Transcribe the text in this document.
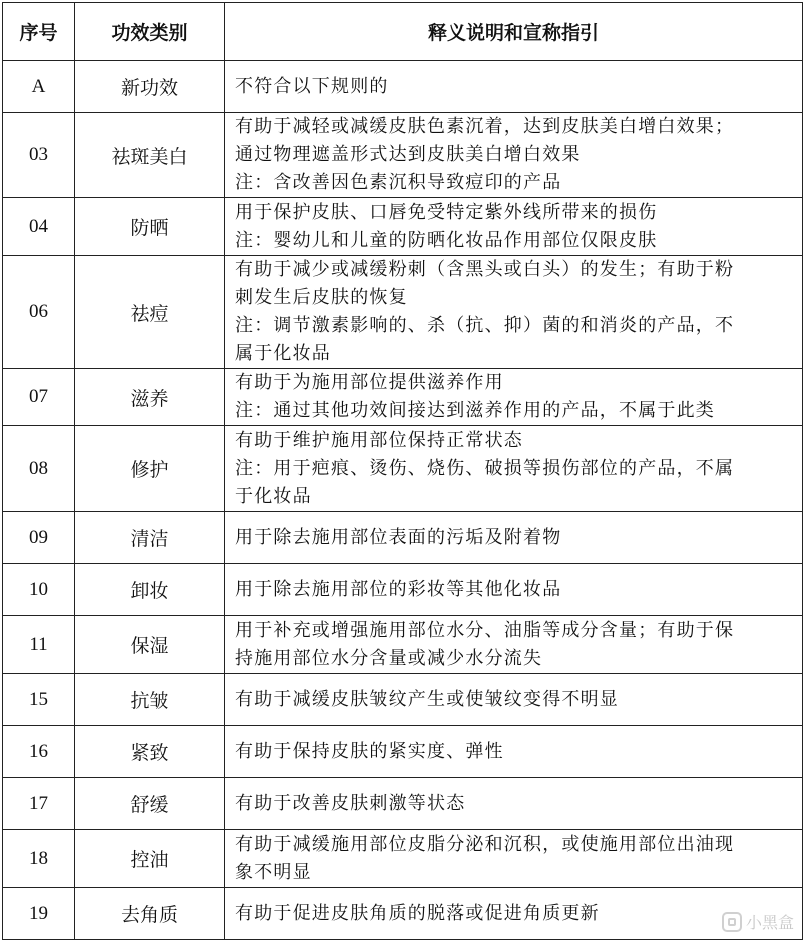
序号	功效类别	释义说明和宣称指引
A	新功效	不符合以下规则的

03	祛斑美白	有助于减轻或减缓皮肤色素沉着，达到皮肤美白增白效果；
通过物理遮盖形式达到皮肤美白增白效果
注：含改善因色素沉积导致痘印的产品

04	防晒	用于保护皮肤、口唇免受特定紫外线所带来的损伤
注：婴幼儿和儿童的防晒化妆品作用部位仅限皮肤

06	祛痘	有助于减少或减缓粉刺（含黑头或白头）的发生；有助于粉
刺发生后皮肤的恢复
注：调节激素影响的、杀（抗、抑）菌的和消炎的产品，不
属于化妆品

07	滋养	有助于为施用部位提供滋养作用
注：通过其他功效间接达到滋养作用的产品，不属于此类

08	修护	有助于维护施用部位保持正常状态
注：用于疤痕、烫伤、烧伤、破损等损伤部位的产品，不属
于化妆品

09	清洁	用于除去施用部位表面的污垢及附着物

10	卸妆	用于除去施用部位的彩妆等其他化妆品

11	保湿	用于补充或增强施用部位水分、油脂等成分含量；有助于保
持施用部位水分含量或减少水分流失

15	抗皱	有助于减缓皮肤皱纹产生或使皱纹变得不明显

16	紧致	有助于保持皮肤的紧实度、弹性

17	舒缓	有助于改善皮肤刺激等状态

18	控油	有助于减缓施用部位皮脂分泌和沉积，或使施用部位出油现
象不明显

19	去角质	有助于促进皮肤角质的脱落或促进角质更新	小黑盒
